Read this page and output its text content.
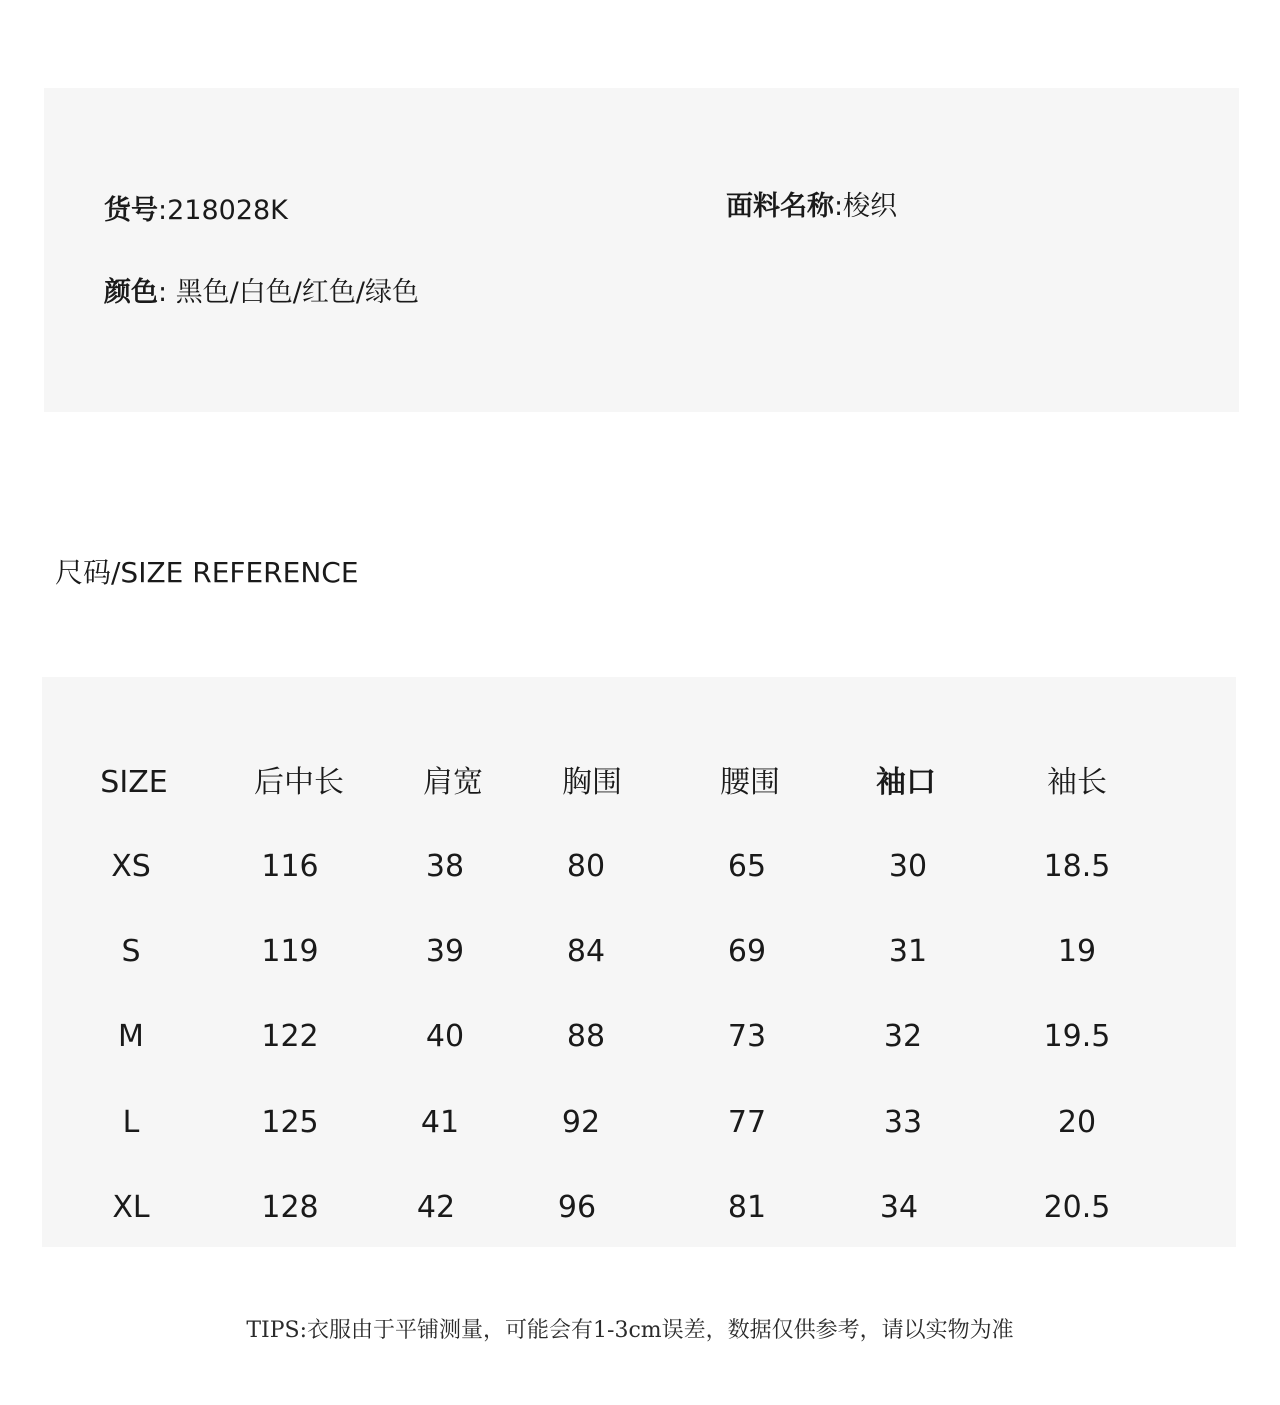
货号:218028K	面料名称:梭织
颜色: 黑色/白色/红色/绿色
尺码/SIZE REFERENCE
SIZE	后中长	肩宽	胸围	腰围	袖口	袖长
XS	116	38	80	65	30	18.5
S	119	39	84	69	31	19
M	122	40	88	73	32	19.5
L	125	41	92	77	33	20
XL	128	42	96	81	34	20.5
TIPS:衣服由于平铺测量，可能会有1-3cm误差，数据仅供参考，请以实物为准
